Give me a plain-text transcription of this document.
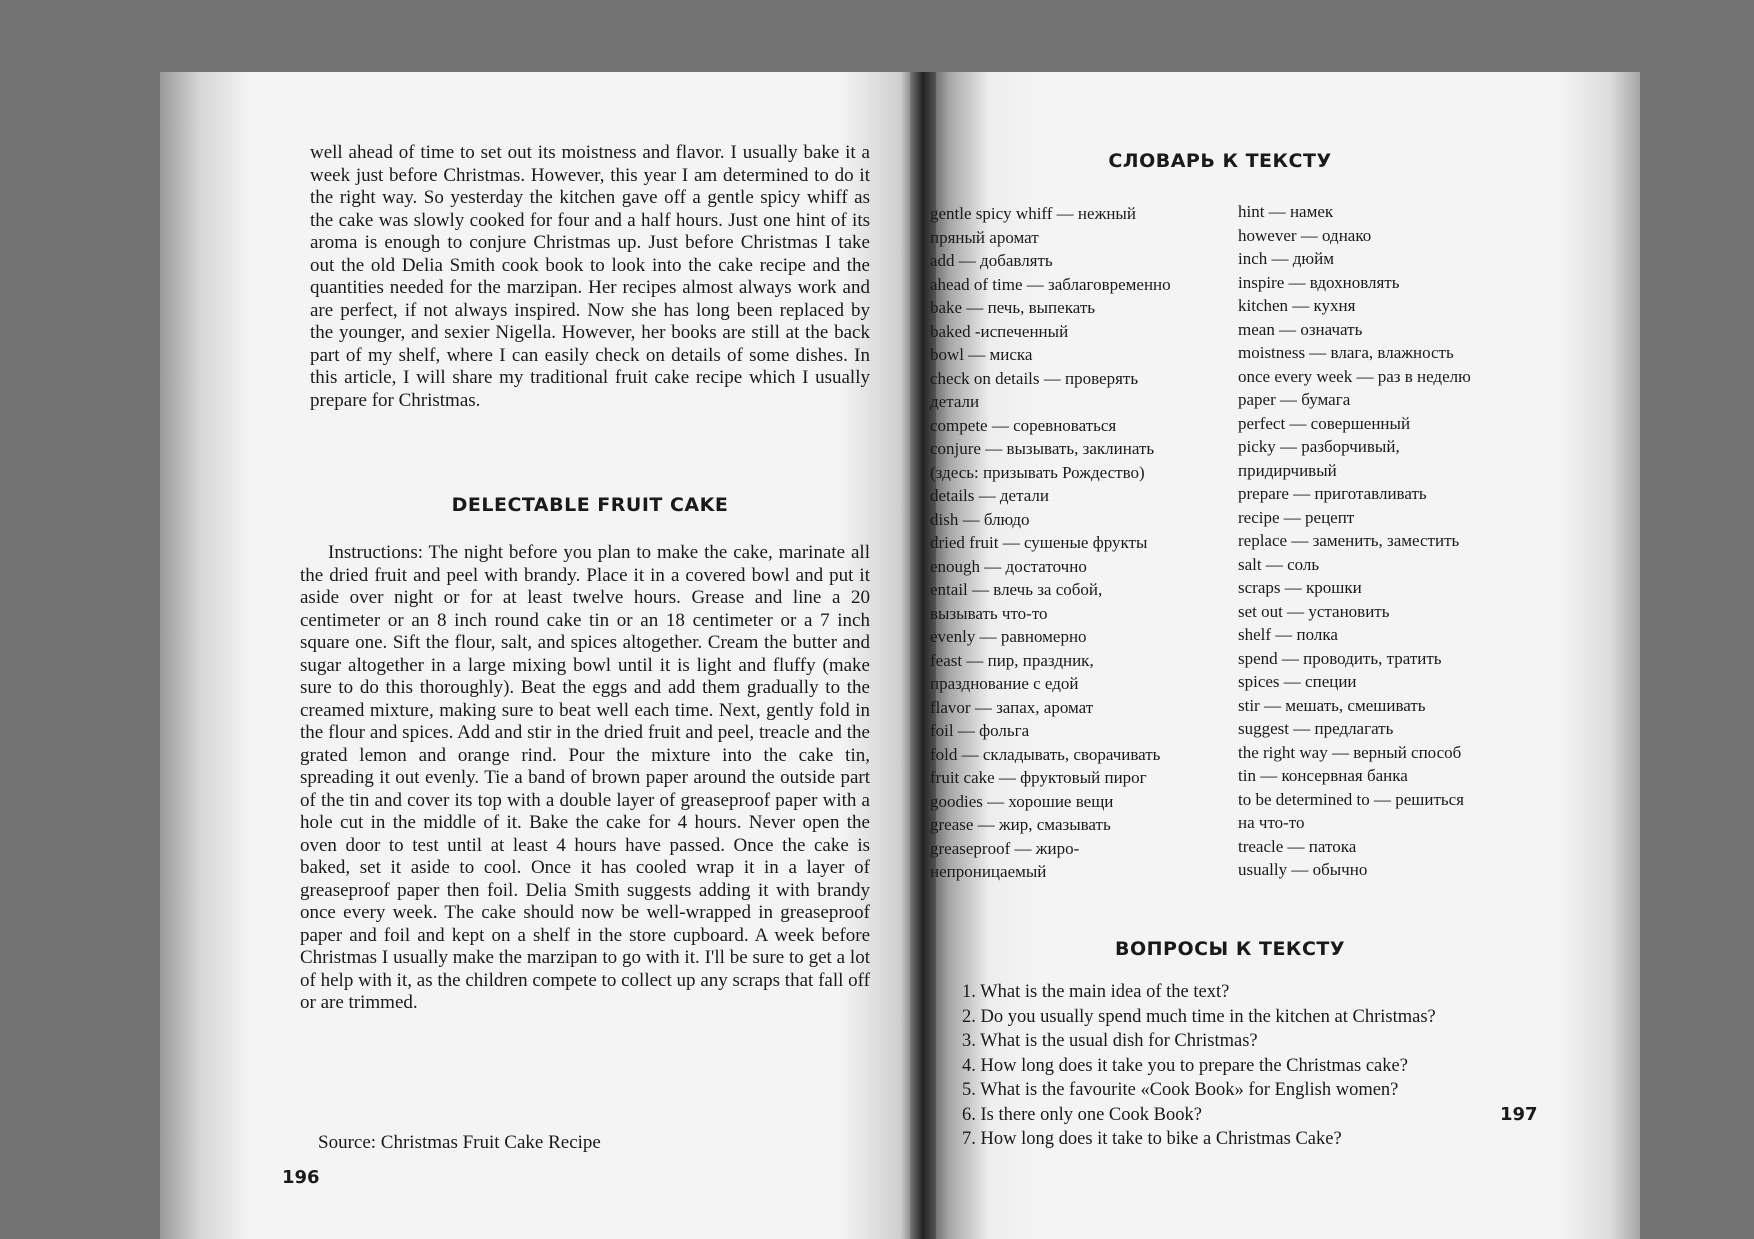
well ahead of time to set out its moistness and flavor. I usually bake it a week just before Christmas. However, this year I am determined to do it the right way. So yesterday the kitchen gave off a gentle spicy whiff as the cake was slowly cooked for four and a half hours. Just one hint of its aroma is enough to conjure Christmas up. Just before Christmas I take out the old Delia Smith cook book to look into the cake recipe and the quantities needed for the marzipan. Her recipes almost always work and are perfect, if not always inspired. Now she has long been replaced by the younger, and sexier Nigella. However, her books are still at the back part of my shelf, where I can easily check on details of some dishes. In this article, I will share my traditional fruit cake recipe which I usually prepare for Christmas.

DELECTABLE FRUIT CAKE

Instructions: The night before you plan to make the cake, marinate all the dried fruit and peel with brandy. Place it in a covered bowl and put it aside over night or for at least twelve hours. Grease and line a 20 centimeter or an 8 inch round cake tin or an 18 centimeter or a 7 inch square one. Sift the flour, salt, and spices altogether. Cream the butter and sugar altogether in a large mixing bowl until it is light and fluffy (make sure to do this thoroughly). Beat the eggs and add them gradually to the creamed mixture, making sure to beat well each time. Next, gently fold in the flour and spices. Add and stir in the dried fruit and peel, treacle and the grated lemon and orange rind. Pour the mixture into the cake tin, spreading it out evenly. Tie a band of brown paper around the outside part of the tin and cover its top with a double layer of greaseproof paper with a hole cut in the middle of it. Bake the cake for 4 hours. Never open the oven door to test until at least 4 hours have passed. Once the cake is baked, set it aside to cool. Once it has cooled wrap it in a layer of greaseproof paper then foil. Delia Smith suggests adding it with brandy once every week. The cake should now be well-wrapped in greaseproof paper and foil and kept on a shelf in the store cupboard. A week before Christmas I usually make the marzipan to go with it. I'll be sure to get a lot of help with it, as the children compete to collect up any scraps that fall off or are trimmed.

Source: Christmas Fruit Cake Recipe
196
СЛОВАРЬ К ТЕКСТУ
gentle spicy whiff — нежный
пряный аромат
add — добавлять
ahead of time — заблаговременно
bake — печь, выпекать
baked -испеченный
bowl — миска
check on details — проверять
детали
compete — соревноваться
conjure — вызывать, заклинать
(здесь: призывать Рождество)
details — детали
dish — блюдо
dried fruit — сушеные фрукты
enough — достаточно
entail — влечь за собой,
вызывать что-то
evenly — равномерно
feast — пир, праздник,
празднование с едой
flavor — запах, аромат
foil — фольга
fold — складывать, сворачивать
fruit cake — фруктовый пирог
goodies — хорошие вещи
grease — жир, смазывать
greaseproof — жиро-
непроницаемый
hint — намек
however — однако
inch — дюйм
inspire — вдохновлять
kitchen — кухня
mean — означать
moistness — влага, влажность
once every week — раз в неделю
paper — бумага
perfect — совершенный
picky — разборчивый,
придирчивый
prepare — приготавливать
recipe — рецепт
replace — заменить, заместить
salt — соль
scraps — крошки
set out — установить
shelf — полка
spend — проводить, тратить
spices — специи
stir — мешать, смешивать
suggest — предлагать
the right way — верный способ
tin — консервная банка
to be determined to — решиться
на что-то
treacle — патока
usually — обычно
ВОПРОСЫ К ТЕКСТУ
1. What is the main idea of the text?
2. Do you usually spend much time in the kitchen at Christmas?
3. What is the usual dish for Christmas?
4. How long does it take you to prepare the Christmas cake?
5. What is the favourite «Cook Book» for English women?
6. Is there only one Cook Book?
7. How long does it take to bike a Christmas Cake?
197
